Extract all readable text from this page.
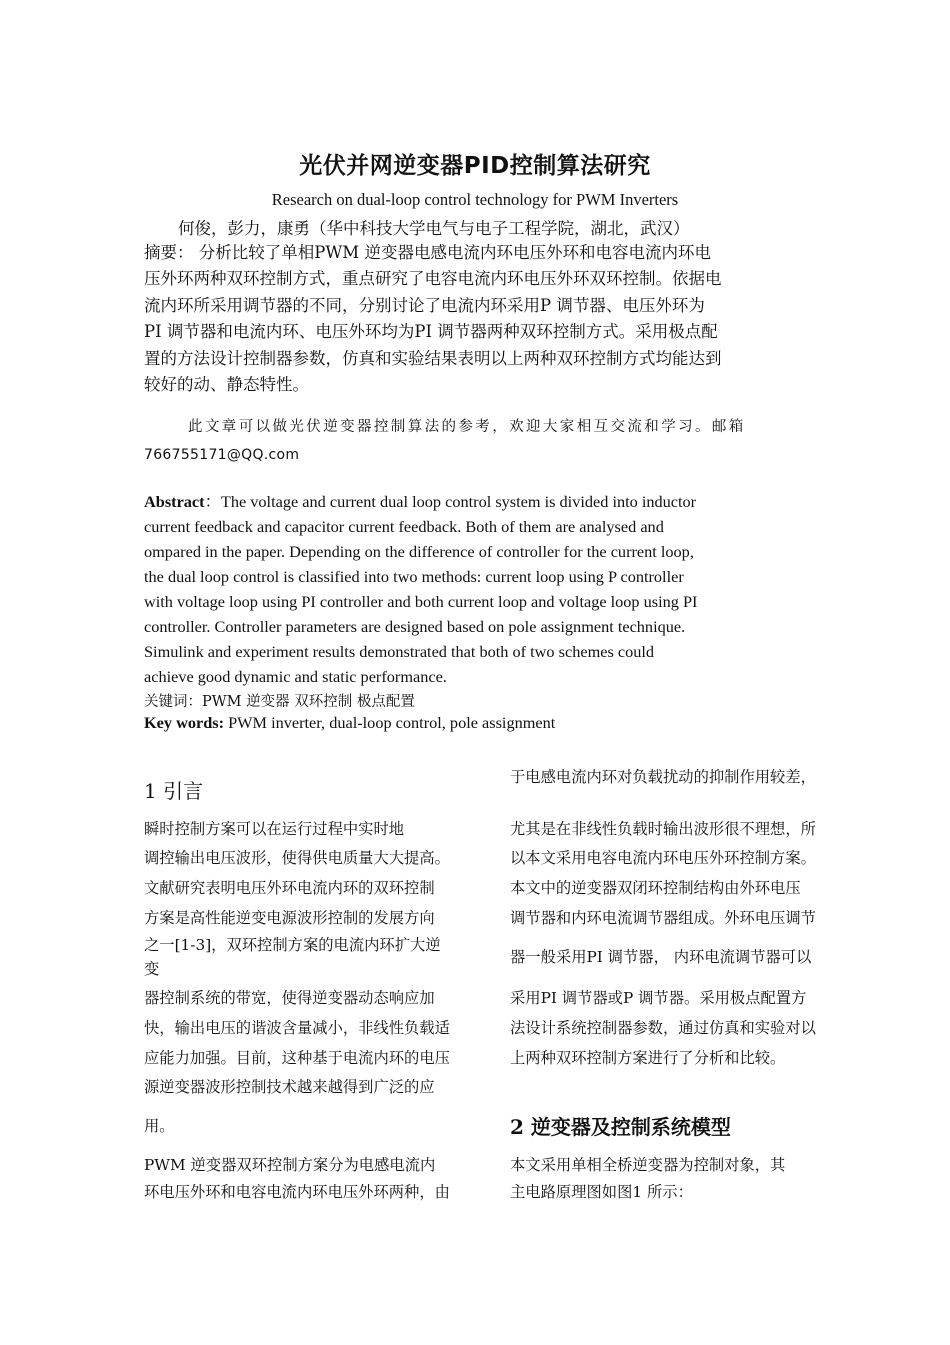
光伏并网逆变器PID控制算法研究
Research on dual-loop control technology for PWM Inverters
何俊，彭力，康勇（华中科技大学电气与电子工程学院，湖北，武汉）

摘要： 分析比较了单相PWM 逆变器电感电流内环电压外环和电容电流内环电

压外环两种双环控制方式，重点研究了电容电流内环电压外环双环控制。依据电

流内环所采用调节器的不同，分别讨论了电流内环采用P 调节器、电压外环为

PI 调节器和电流内环、电压外环均为PI 调节器两种双环控制方式。采用极点配

置的方法设计控制器参数，仿真和实验结果表明以上两种双环控制方式均能达到

较好的动、静态特性。

此文章可以做光伏逆变器控制算法的参考，欢迎大家相互交流和学习。邮箱

766755171@QQ.com

Abstract：The voltage and current dual loop control system is divided into inductor

current feedback and capacitor current feedback. Both of them are analysed and

ompared in the paper. Depending on the difference of controller for the current loop,

the dual loop control is classified into two methods: current loop using P controller

with voltage loop using PI controller and both current loop and voltage loop using PI

controller. Controller parameters are designed based on pole assignment technique.

Simulink and experiment results demonstrated that both of two schemes could

achieve good dynamic and static performance.

关键词：PWM 逆变器 双环控制 极点配置
Key words: PWM inverter, dual-loop control, pole assignment
1 引言
2 逆变器及控制系统模型
瞬时控制方案可以在运行过程中实时地
调控输出电压波形，使得供电质量大大提高。
文献研究表明电压外环电流内环的双环控制
方案是高性能逆变电源波形控制的发展方向
之一[1-3]，双环控制方案的电流内环扩大逆
变
器控制系统的带宽，使得逆变器动态响应加
快，输出电压的谐波含量减小，非线性负载适
应能力加强。目前，这种基于电流内环的电压
源逆变器波形控制技术越来越得到广泛的应
用。
PWM 逆变器双环控制方案分为电感电流内
环电压外环和电容电流内环电压外环两种，由
于电感电流内环对负载扰动的抑制作用较差，
尤其是在非线性负载时输出波形很不理想，所
以本文采用电容电流内环电压外环控制方案。
本文中的逆变器双闭环控制结构由外环电压
调节器和内环电流调节器组成。外环电压调节
器一般采用PI 调节器， 内环电流调节器可以
采用PI 调节器或P 调节器。采用极点配置方
法设计系统控制器参数，通过仿真和实验对以
上两种双环控制方案进行了分析和比较。
本文采用单相全桥逆变器为控制对象，其
主电路原理图如图1 所示：
